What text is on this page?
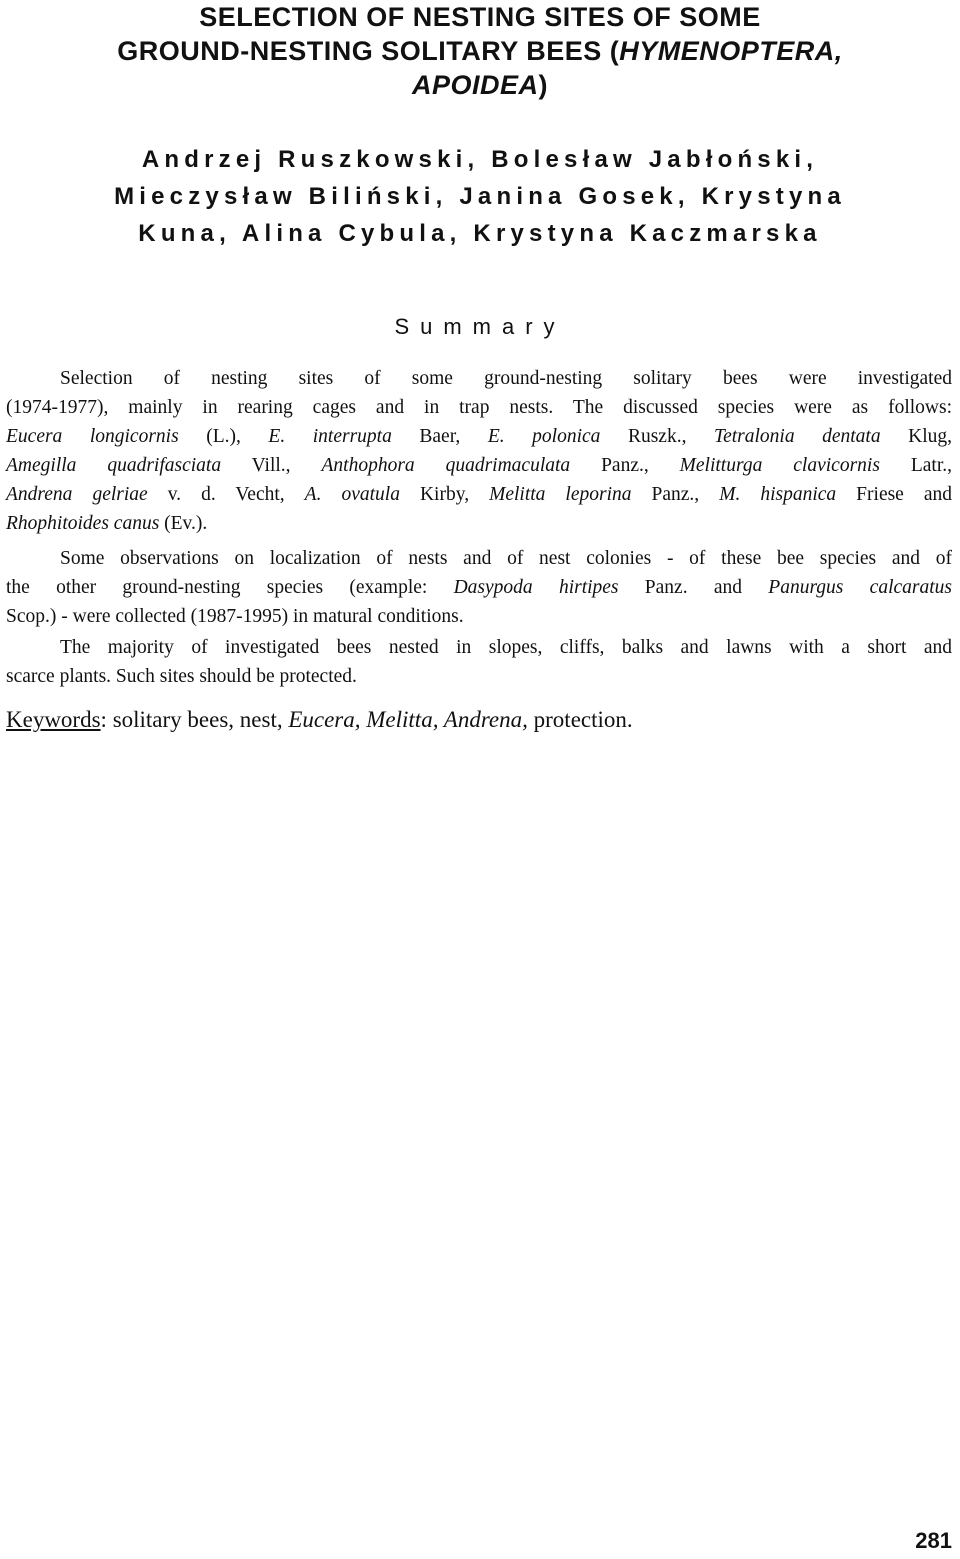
SELECTION OF NESTING SITES OF SOME
GROUND-NESTING SOLITARY BEES (HYMENOPTERA,
APOIDEA)
Andrzej Ruszkowski, Bolesław Jabłoński,
Mieczysław Biliński, Janina Gosek, Krystyna
Kuna, Alina Cybula, Krystyna Kaczmarska
Summary
Selection of nesting sites of some ground-nesting solitary bees were investigated
(1974-1977), mainly in rearing cages and in trap nests. The discussed species were as follows:
Eucera longicornis (L.), E. interrupta Baer, E. polonica Ruszk., Tetralonia dentata Klug,
Amegilla quadrifasciata Vill., Anthophora quadrimaculata Panz., Melitturga clavicornis Latr.,
Andrena gelriae v. d. Vecht, A. ovatula Kirby, Melitta leporina Panz., M. hispanica Friese and
Rhophitoides canus (Ev.).
Some observations on localization of nests and of nest colonies - of these bee species and of
the other ground-nesting species (example: Dasypoda hirtipes Panz. and Panurgus calcaratus
Scop.) - were collected (1987-1995) in matural conditions.
The majority of investigated bees nested in slopes, cliffs, balks and lawns with a short and
scarce plants. Such sites should be protected.
Keywords: solitary bees, nest, Eucera, Melitta, Andrena, protection.
281
